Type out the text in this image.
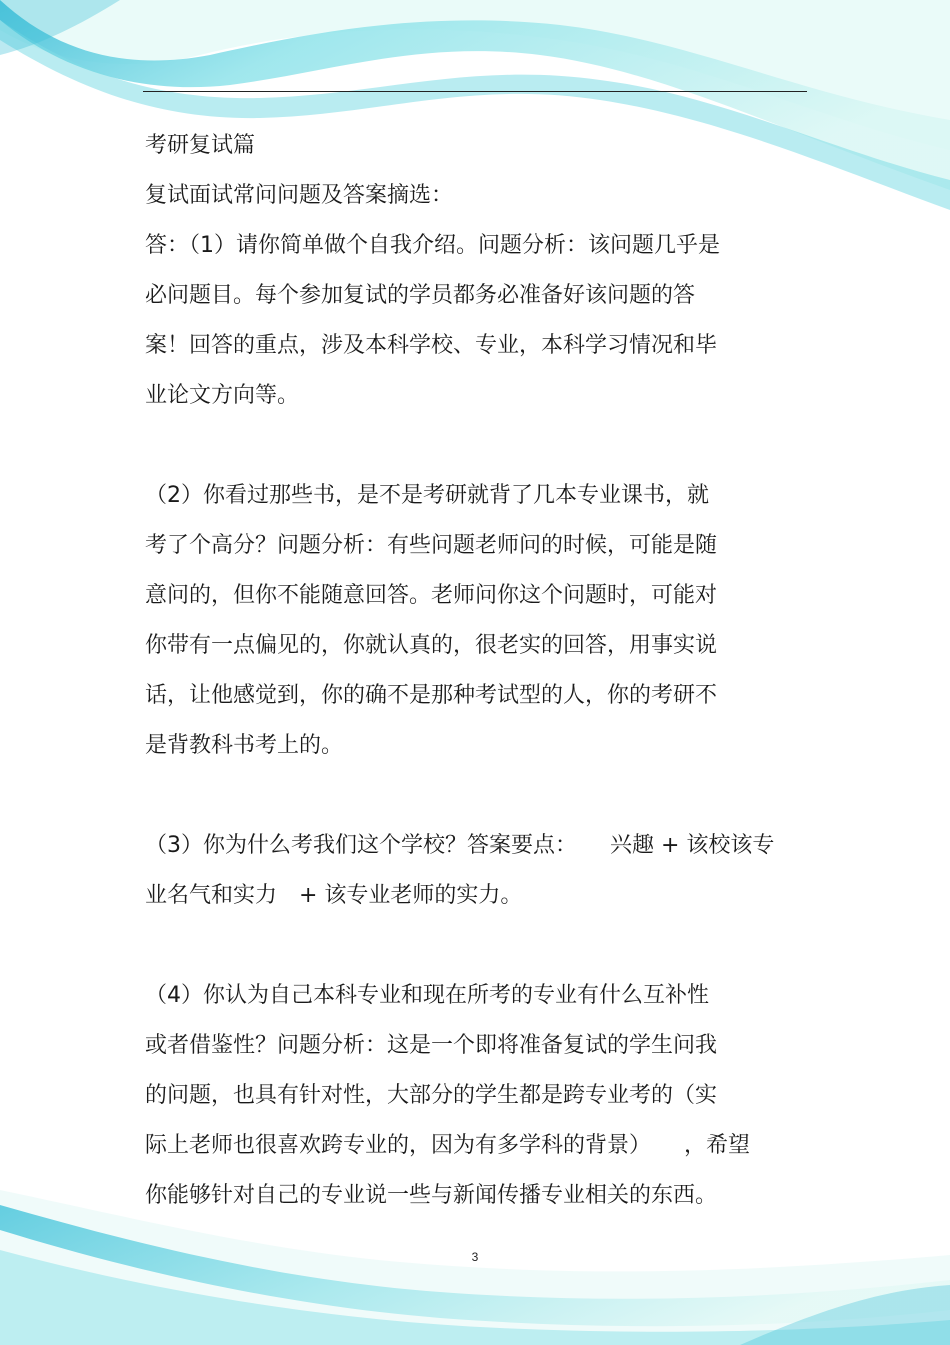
考研复试篇
复试面试常问问题及答案摘选：
答：（1）请你简单做个自我介绍。问题分析：该问题几乎是
必问题目。每个参加复试的学员都务必准备好该问题的答
案！回答的重点，涉及本科学校、专业，本科学习情况和毕
业论文方向等。
（2）你看过那些书，是不是考研就背了几本专业课书，就
考了个高分？问题分析：有些问题老师问的时候，可能是随
意问的，但你不能随意回答。老师问你这个问题时，可能对
你带有一点偏见的，你就认真的，很老实的回答，用事实说
话，让他感觉到，你的确不是那种考试型的人，你的考研不
是背教科书考上的。
（3）你为什么考我们这个学校？答案要点：　　兴趣 + 该校该专
业名气和实力　+ 该专业老师的实力。
（4）你认为自己本科专业和现在所考的专业有什么互补性
或者借鉴性？问题分析：这是一个即将准备复试的学生问我
的问题，也具有针对性，大部分的学生都是跨专业考的（实
际上老师也很喜欢跨专业的，因为有多学科的背景）　　，希望
你能够针对自己的专业说一些与新闻传播专业相关的东西。
3
